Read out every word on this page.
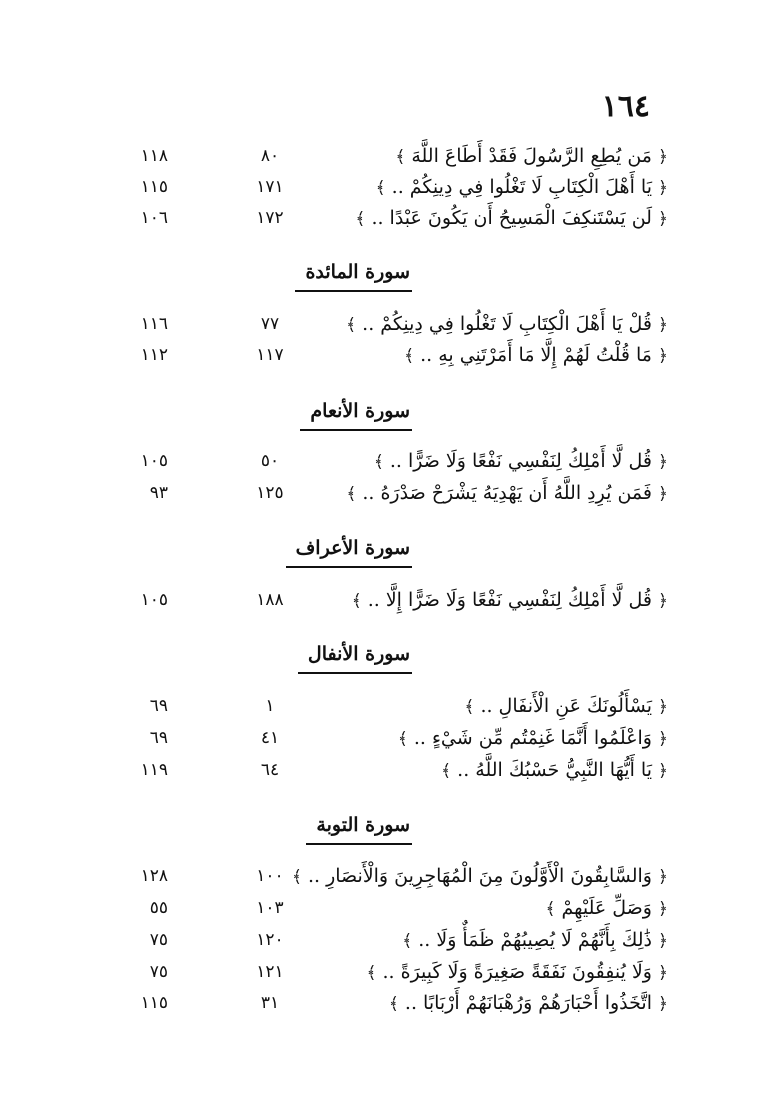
١٦٤
﴿ مَن يُطِعِ الرَّسُولَ فَقَدْ أَطَاعَ اللَّهَ ﴾
٨٠
١١٨
﴿ يَا أَهْلَ الْكِتَابِ لَا تَغْلُوا فِي دِينِكُمْ .. ﴾
١٧١
١١٥
﴿ لَن يَسْتَنكِفَ الْمَسِيحُ أَن يَكُونَ عَبْدًا .. ﴾
١٧٢
١٠٦
سورة المائدة
﴿ قُلْ يَا أَهْلَ الْكِتَابِ لَا تَغْلُوا فِي دِينِكُمْ .. ﴾
٧٧
١١٦
﴿ مَا قُلْتُ لَهُمْ إِلَّا مَا أَمَرْتَنِي بِهِ .. ﴾
١١٧
١١٢
سورة الأنعام
﴿ قُل لَّا أَمْلِكُ لِنَفْسِي نَفْعًا وَلَا ضَرًّا .. ﴾
٥٠
١٠٥
﴿ فَمَن يُرِدِ اللَّهُ أَن يَهْدِيَهُ يَشْرَحْ صَدْرَهُ .. ﴾
١٢٥
٩٣
سورة الأعراف
﴿ قُل لَّا أَمْلِكُ لِنَفْسِي نَفْعًا وَلَا ضَرًّا إِلَّا .. ﴾
١٨٨
١٠٥
سورة الأنفال
﴿ يَسْأَلُونَكَ عَنِ الْأَنفَالِ .. ﴾
١
٦٩
﴿ وَاعْلَمُوا أَنَّمَا غَنِمْتُم مِّن شَيْءٍ .. ﴾
٤١
٦٩
﴿ يَا أَيُّهَا النَّبِيُّ حَسْبُكَ اللَّهُ .. ﴾
٦٤
١١٩
سورة التوبة
﴿ وَالسَّابِقُونَ الْأَوَّلُونَ مِنَ الْمُهَاجِرِينَ وَالْأَنصَارِ .. ﴾
١٠٠
١٢٨
﴿ وَصَلِّ عَلَيْهِمْ ﴾
١٠٣
٥٥
﴿ ذَٰلِكَ بِأَنَّهُمْ لَا يُصِيبُهُمْ ظَمَأٌ وَلَا .. ﴾
١٢٠
٧٥
﴿ وَلَا يُنفِقُونَ نَفَقَةً صَغِيرَةً وَلَا كَبِيرَةً .. ﴾
١٢١
٧٥
﴿ اتَّخَذُوا أَحْبَارَهُمْ وَرُهْبَانَهُمْ أَرْبَابًا .. ﴾
٣١
١١٥
